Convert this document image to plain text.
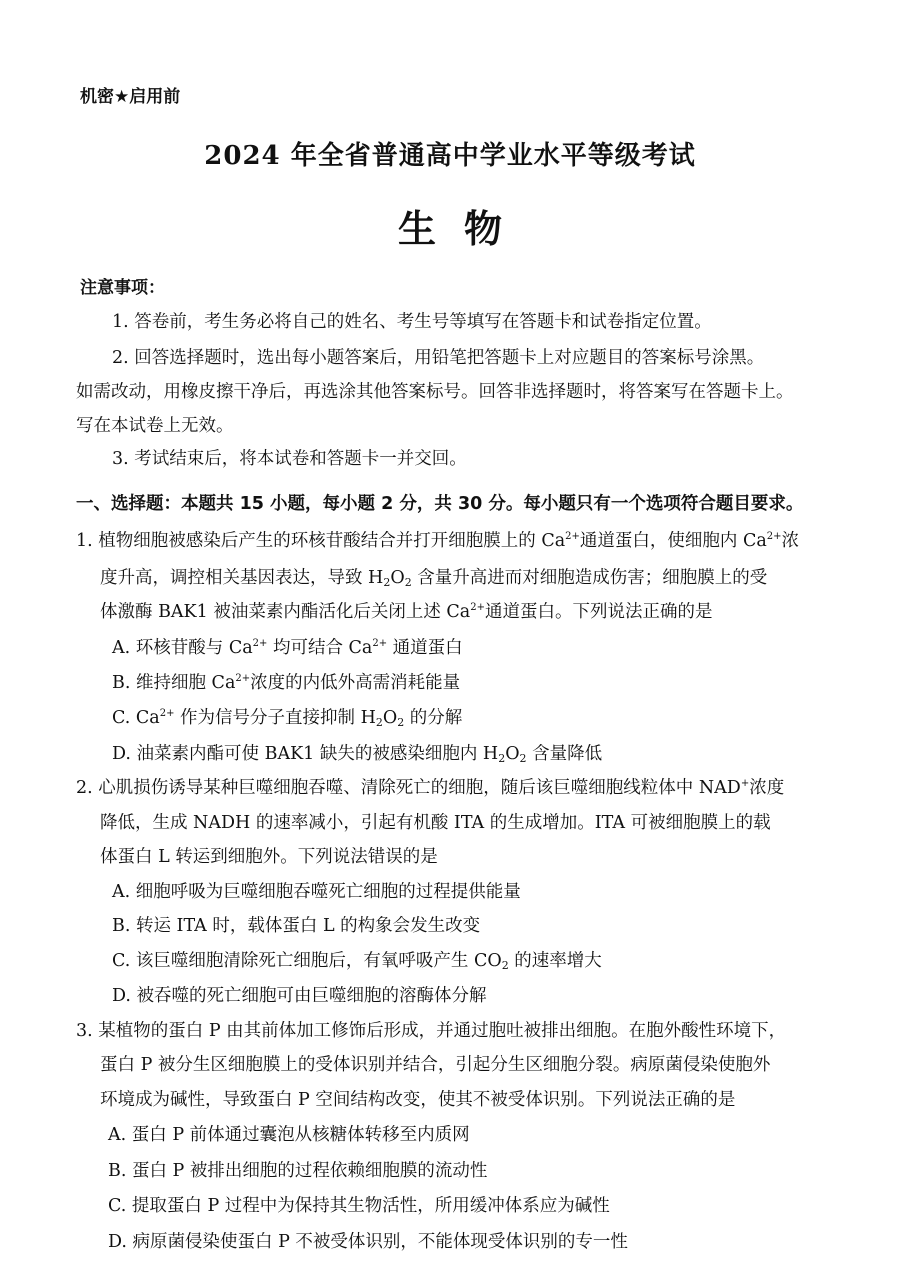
机密★启用前
2024 年全省普通高中学业水平等级考试
生物
注意事项：
1. 答卷前，考生务必将自己的姓名、考生号等填写在答题卡和试卷指定位置。
2. 回答选择题时，选出每小题答案后，用铅笔把答题卡上对应题目的答案标号涂黑。
如需改动，用橡皮擦干净后，再选涂其他答案标号。回答非选择题时，将答案写在答题卡上。
写在本试卷上无效。
3. 考试结束后，将本试卷和答题卡一并交回。
一、选择题：本题共 15 小题，每小题 2 分，共 30 分。每小题只有一个选项符合题目要求。
1. 植物细胞被感染后产生的环核苷酸结合并打开细胞膜上的 $Ca^{2+}$通道蛋白，使细胞内 $Ca^{2+}$浓
度升高，调控相关基因表达，导致 $H_2O_2$ 含量升高进而对细胞造成伤害；细胞膜上的受
体激酶 BAK1 被油菜素内酯活化后关闭上述 $Ca^{2+}$通道蛋白。下列说法正确的是
A. 环核苷酸与 $Ca^{2+}$ 均可结合 $Ca^{2+}$ 通道蛋白
B. 维持细胞 $Ca^{2+}$浓度的内低外高需消耗能量
C. $Ca^{2+}$ 作为信号分子直接抑制 $H_2O_2$ 的分解
D. 油菜素内酯可使 BAK1 缺失的被感染细胞内 $H_2O_2$ 含量降低
2. 心肌损伤诱导某种巨噬细胞吞噬、清除死亡的细胞，随后该巨噬细胞线粒体中 NAD+浓度
降低，生成 NADH 的速率减小，引起有机酸 ITA 的生成增加。ITA 可被细胞膜上的载
体蛋白 L 转运到细胞外。下列说法错误的是
A. 细胞呼吸为巨噬细胞吞噬死亡细胞的过程提供能量
B. 转运 ITA 时，载体蛋白 L 的构象会发生改变
C. 该巨噬细胞清除死亡细胞后，有氧呼吸产生 $CO_2$ 的速率增大
D. 被吞噬的死亡细胞可由巨噬细胞的溶酶体分解
3. 某植物的蛋白 P 由其前体加工修饰后形成，并通过胞吐被排出细胞。在胞外酸性环境下，
蛋白 P 被分生区细胞膜上的受体识别并结合，引起分生区细胞分裂。病原菌侵染使胞外
环境成为碱性，导致蛋白 P 空间结构改变，使其不被受体识别。下列说法正确的是
A. 蛋白 P 前体通过囊泡从核糖体转移至内质网
B. 蛋白 P 被排出细胞的过程依赖细胞膜的流动性
C. 提取蛋白 P 过程中为保持其生物活性，所用缓冲体系应为碱性
D. 病原菌侵染使蛋白 P 不被受体识别，不能体现受体识别的专一性
